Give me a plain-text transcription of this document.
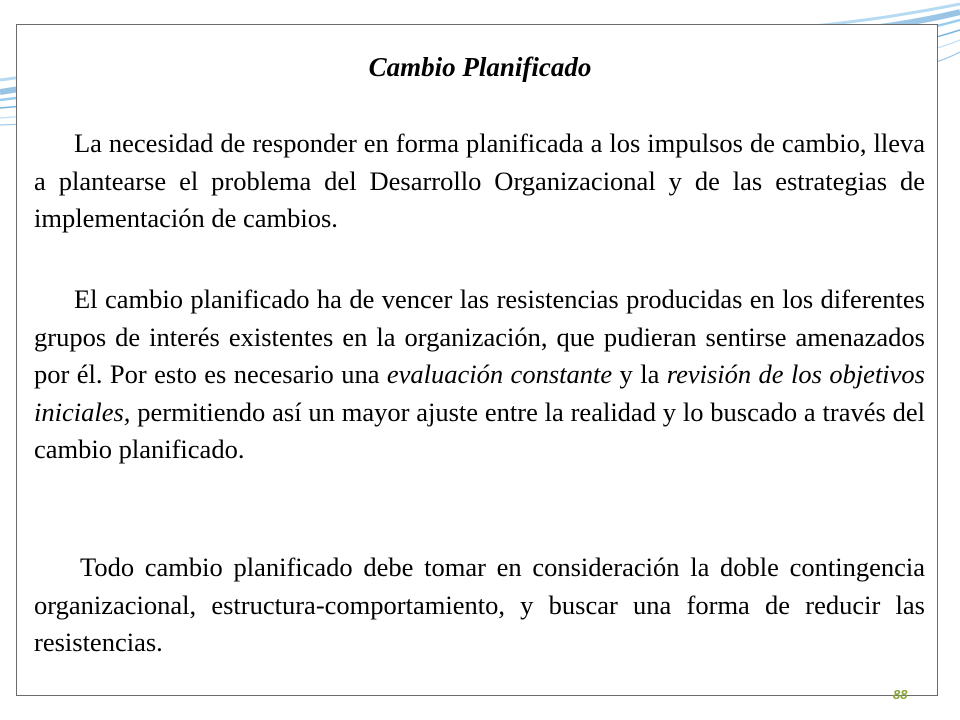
Cambio Planificado

La necesidad de responder en forma planificada a los impulsos de cambio, lleva a plantearse el problema del Desarrollo Organizacional y de las estrategias de implementación de cambios.

El cambio planificado ha de vencer las resistencias producidas en los diferentes grupos de interés existentes en la organización, que pudieran sentirse amenazados por él. Por esto es necesario una evaluación constante y la revisión de los objetivos iniciales, permitiendo así un mayor ajuste entre la realidad y lo buscado a través del cambio planificado.

Todo cambio planificado debe tomar en consideración la doble contingencia organizacional, estructura-comportamiento, y buscar una forma de reducir las resistencias.

88
